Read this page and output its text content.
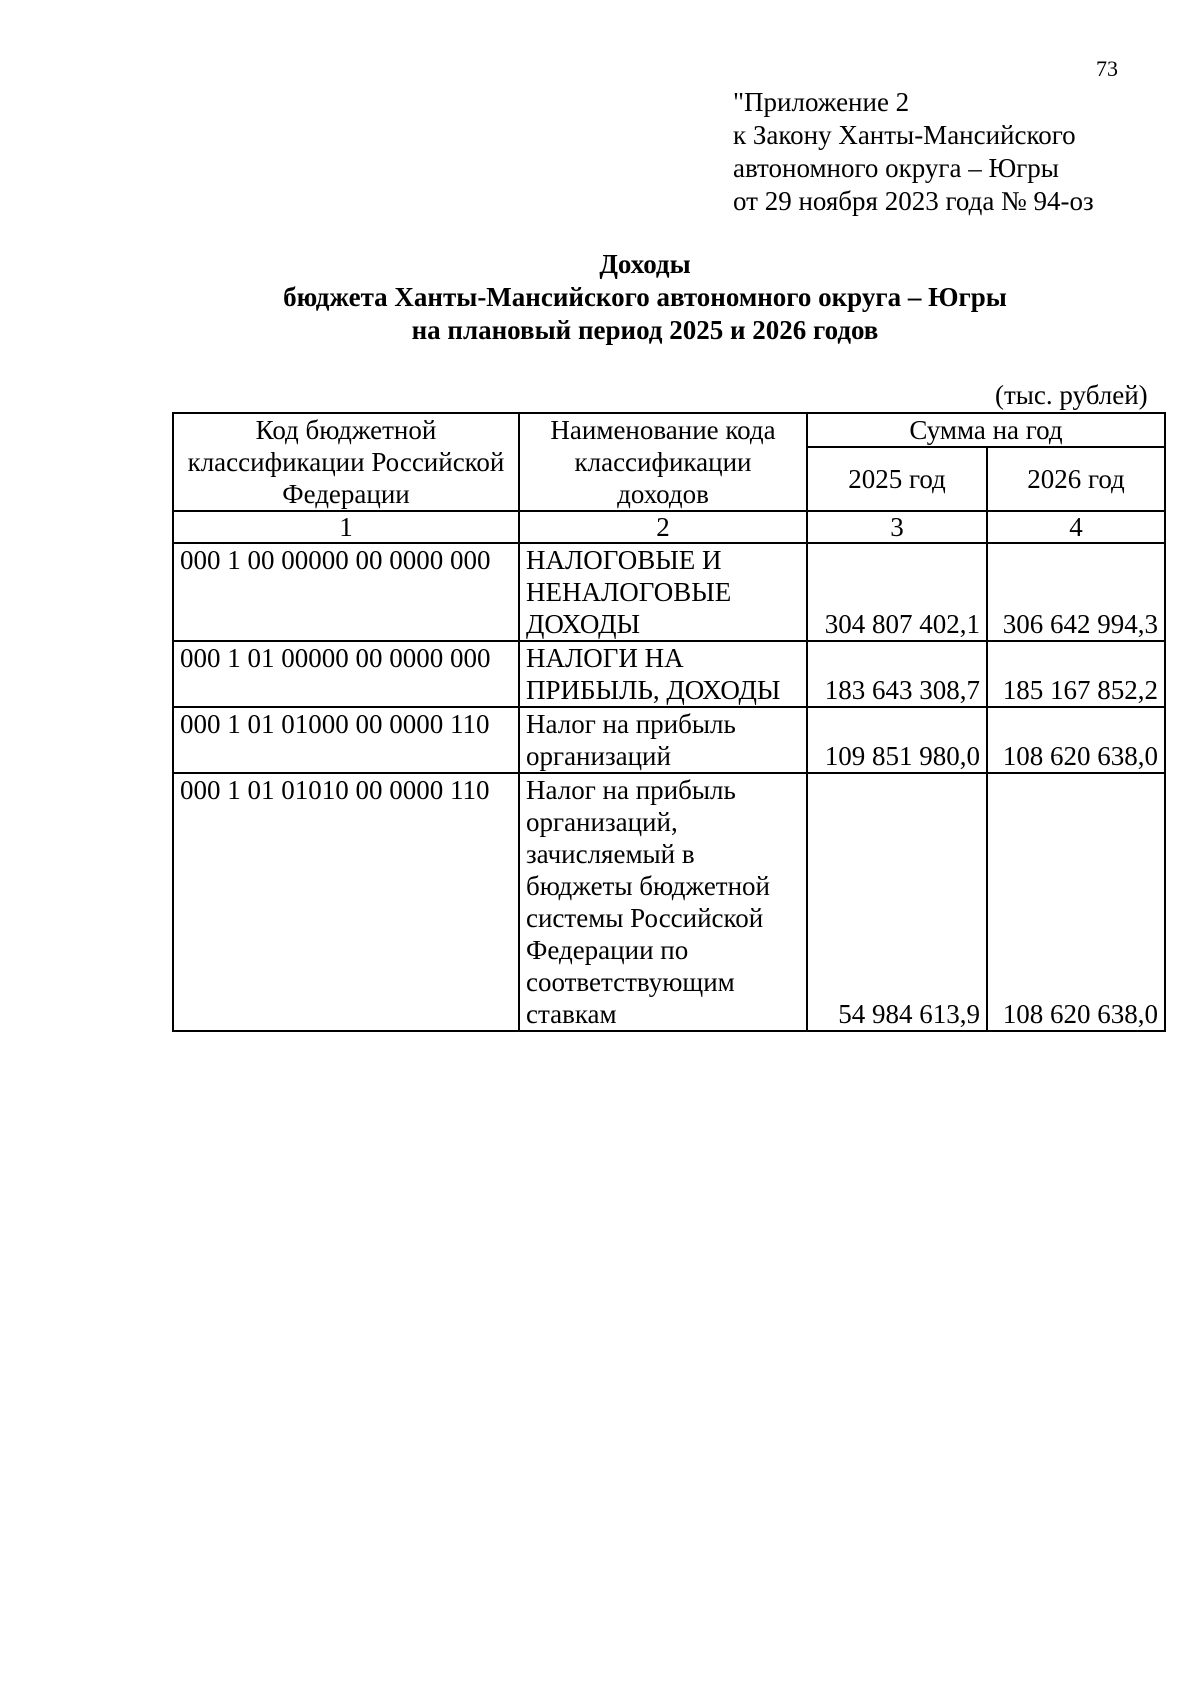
73
"Приложение 2
к Закону Ханты-Мансийского
автономного округа – Югры
от 29 ноября 2023 года № 94-оз
Доходы
бюджета Ханты-Мансийского автономного округа – Югры
на плановый период 2025 и 2026 годов
(тыс. рублей)
Код бюджетной классификации Российской Федерации	Наименование кода классификации доходов	Сумма на год	
		2025 год	2026 год
1	2	3	4
000 1 00 00000 00 0000 000	НАЛОГОВЫЕ И НЕНАЛОГОВЫЕ ДОХОДЫ	304 807 402,1	306 642 994,3
000 1 01 00000 00 0000 000	НАЛОГИ НА ПРИБЫЛЬ, ДОХОДЫ	183 643 308,7	185 167 852,2
000 1 01 01000 00 0000 110	Налог на прибыль организаций	109 851 980,0	108 620 638,0
000 1 01 01010 00 0000 110	Налог на прибыль организаций, зачисляемый в бюджеты бюджетной системы Российской Федерации по соответствующим ставкам	54 984 613,9	108 620 638,0
